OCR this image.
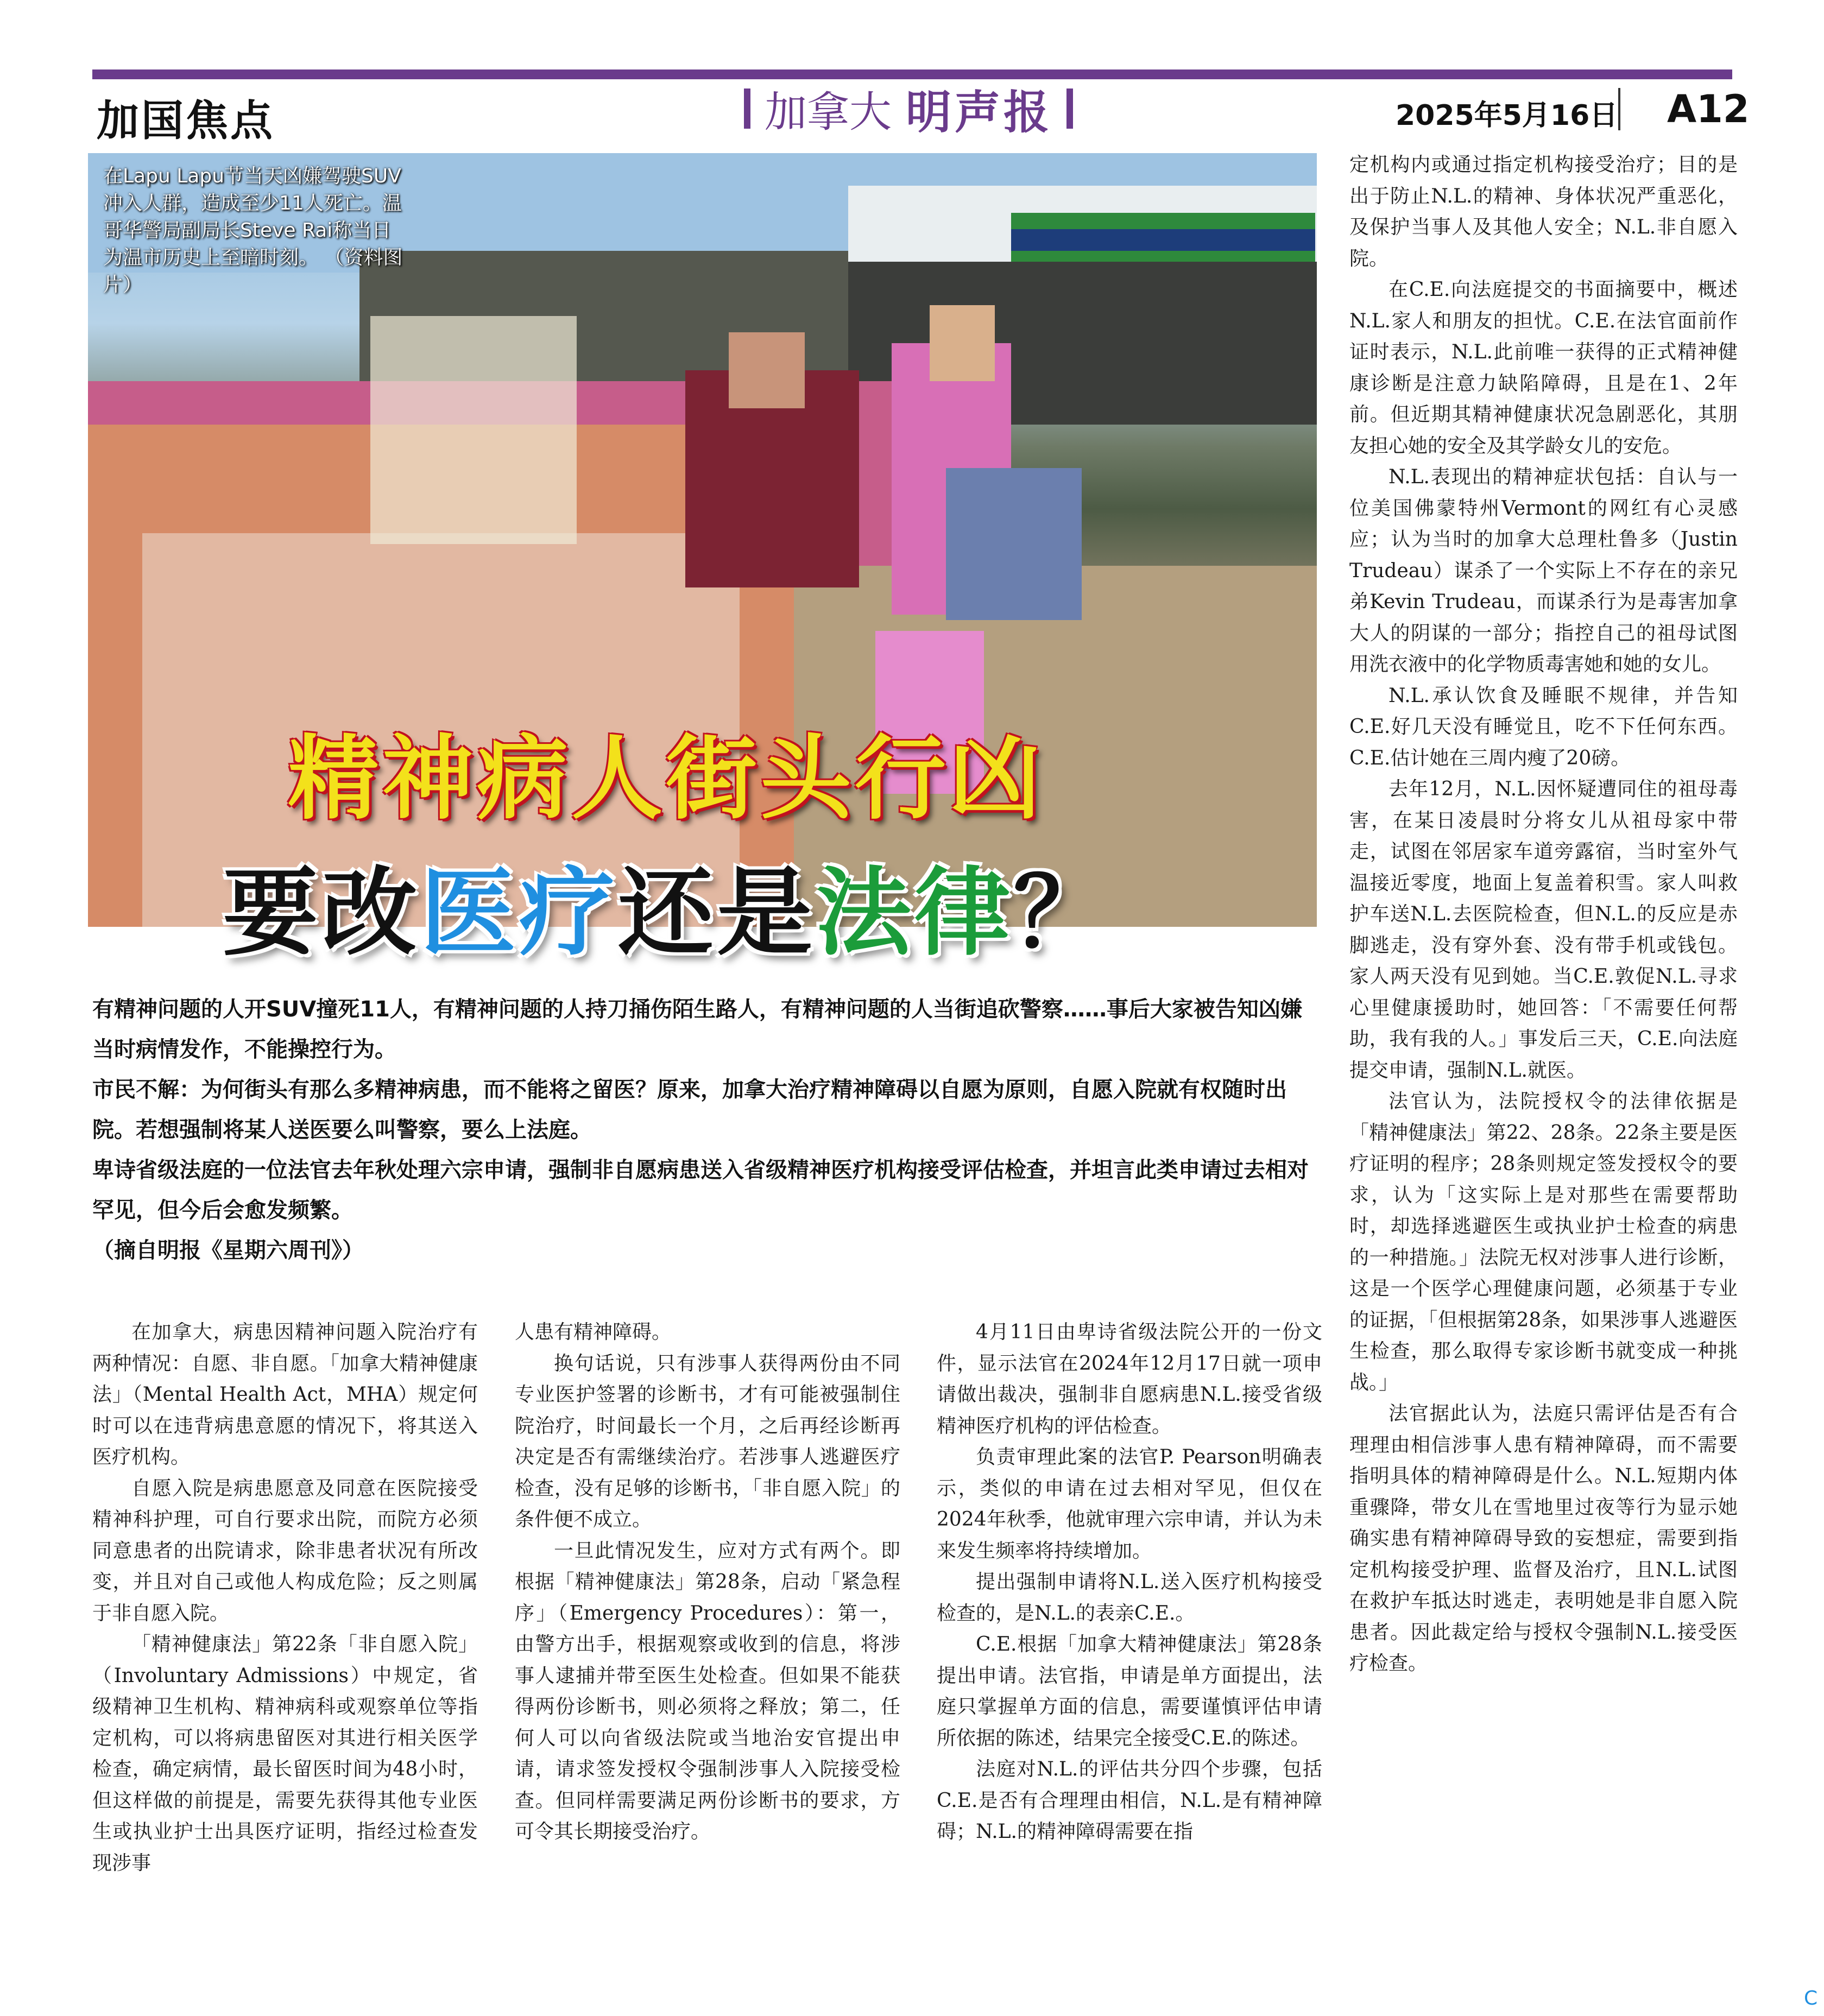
加国焦点	加拿大 明声报	2025年5月16日 A12
在Lapu Lapu节当天凶嫌驾驶SUV冲入人群，造成至少11人死亡。温哥华警局副局长Steve Rai称当日为温市历史上至暗时刻。 （资料图片）
精神病人街头行凶
要改医疗还是法律？

有精神问题的人开SUV撞死11人，有精神问题的人持刀捅伤陌生路人，有精神问题的人当街追砍警察……事后大家被告知凶嫌当时病情发作，不能操控行为。

市民不解：为何街头有那么多精神病患，而不能将之留医？原来，加拿大治疗精神障碍以自愿为原则，自愿入院就有权随时出院。若想强制将某人送医要么叫警察，要么上法庭。

卑诗省级法庭的一位法官去年秋处理六宗申请，强制非自愿病患送入省级精神医疗机构接受评估检查，并坦言此类申请过去相对罕见，但今后会愈发频繁。

（摘自明报《星期六周刊》）

在加拿大，病患因精神问题入院治疗有两种情况：自愿、非自愿。「加拿大精神健康法」（Mental Health Act，MHA）规定何时可以在违背病患意愿的情况下，将其送入医疗机构。

自愿入院是病患愿意及同意在医院接受精神科护理，可自行要求出院，而院方必须同意患者的出院请求，除非患者状况有所改变，并且对自己或他人构成危险；反之则属于非自愿入院。

「精神健康法」第22条「非自愿入院」（Involuntary Admissions）中规定，省级精神卫生机构、精神病科或观察单位等指定机构，可以将病患留医对其进行相关医学检查，确定病情，最长留医时间为48小时，但这样做的前提是，需要先获得其他专业医生或执业护士出具医疗证明，指经过检查发现涉事

人患有精神障碍。

换句话说，只有涉事人获得两份由不同专业医护签署的诊断书，才有可能被强制住院治疗，时间最长一个月，之后再经诊断再决定是否有需继续治疗。若涉事人逃避医疗检查，没有足够的诊断书，「非自愿入院」的条件便不成立。

一旦此情况发生，应对方式有两个。即根据「精神健康法」第28条，启动「紧急程序」（Emergency Procedures）：第一，由警方出手，根据观察或收到的信息，将涉事人逮捕并带至医生处检查。但如果不能获得两份诊断书，则必须将之释放；第二，任何人可以向省级法院或当地治安官提出申请，请求签发授权令强制涉事人入院接受检查。但同样需要满足两份诊断书的要求，方可令其长期接受治疗。

4月11日由卑诗省级法院公开的一份文件，显示法官在2024年12月17日就一项申请做出裁决，强制非自愿病患N.L.接受省级精神医疗机构的评估检查。

负责审理此案的法官P. Pearson明确表示，类似的申请在过去相对罕见，但仅在2024年秋季，他就审理六宗申请，并认为未来发生频率将持续增加。

提出强制申请将N.L.送入医疗机构接受检查的，是N.L.的表亲C.E.。

C.E.根据「加拿大精神健康法」第28条提出申请。法官指，申请是单方面提出，法庭只掌握单方面的信息，需要谨慎评估申请所依据的陈述，结果完全接受C.E.的陈述。

法庭对N.L.的评估共分四个步骤，包括C.E.是否有合理理由相信，N.L.是有精神障碍；N.L.的精神障碍需要在指

定机构内或通过指定机构接受治疗；目的是出于防止N.L.的精神、身体状况严重恶化，及保护当事人及其他人安全；N.L.非自愿入院。

在C.E.向法庭提交的书面摘要中，概述N.L.家人和朋友的担忧。C.E.在法官面前作证时表示，N.L.此前唯一获得的正式精神健康诊断是注意力缺陷障碍，且是在1、2年前。但近期其精神健康状况急剧恶化，其朋友担心她的安全及其学龄女儿的安危。

N.L.表现出的精神症状包括：自认与一位美国佛蒙特州Vermont的网红有心灵感应；认为当时的加拿大总理杜鲁多（Justin Trudeau）谋杀了一个实际上不存在的亲兄弟Kevin Trudeau，而谋杀行为是毒害加拿大人的阴谋的一部分；指控自己的祖母试图用洗衣液中的化学物质毒害她和她的女儿。

N.L.承认饮食及睡眠不规律，并告知C.E.好几天没有睡觉且，吃不下任何东西。C.E.估计她在三周内瘦了20磅。

去年12月，N.L.因怀疑遭同住的祖母毒害，在某日凌晨时分将女儿从祖母家中带走，试图在邻居家车道旁露宿，当时室外气温接近零度，地面上复盖着积雪。家人叫救护车送N.L.去医院检查，但N.L.的反应是赤脚逃走，没有穿外套、没有带手机或钱包。家人两天没有见到她。当C.E.敦促N.L.寻求心里健康援助时，她回答：「不需要任何帮助，我有我的人。」事发后三天，C.E.向法庭提交申请，强制N.L.就医。

法官认为，法院授权令的法律依据是「精神健康法」第22、28条。22条主要是医疗证明的程序；28条则规定签发授权令的要求，认为「这实际上是对那些在需要帮助时，却选择逃避医生或执业护士检查的病患的一种措施。」法院无权对涉事人进行诊断，这是一个医学心理健康问题，必须基于专业的证据，「但根据第28条，如果涉事人逃避医生检查，那么取得专家诊断书就变成一种挑战。」

法官据此认为，法庭只需评估是否有合理理由相信涉事人患有精神障碍，而不需要指明具体的精神障碍是什么。N.L.短期内体重骤降，带女儿在雪地里过夜等行为显示她确实患有精神障碍导致的妄想症，需要到指定机构接受护理、监督及治疗，且N.L.试图在救护车抵达时逃走，表明她是非自愿入院患者。因此裁定给与授权令强制N.L.接受医疗检查。

C
